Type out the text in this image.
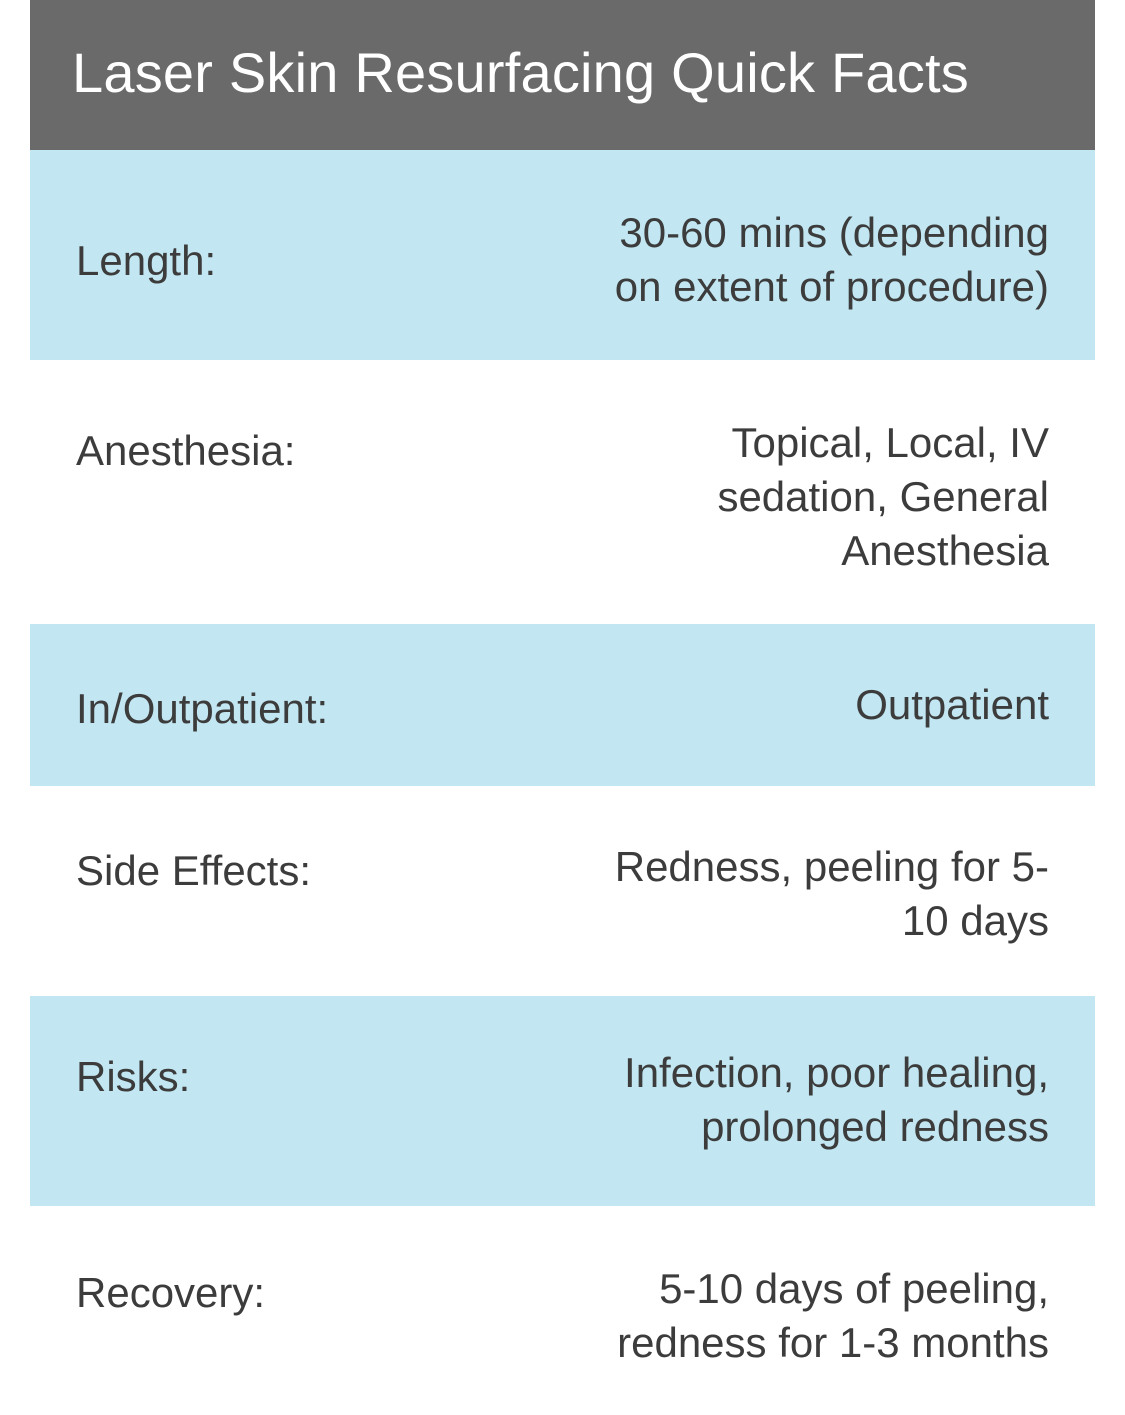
Laser Skin Resurfacing Quick Facts
Length:
30-60 mins (depending
on extent of procedure)
Anesthesia:	Topical, Local, IV
sedation, General
Anesthesia
In/Outpatient:	Outpatient
Side Effects:	Redness, peeling for 5-
10 days
Risks:	Infection, poor healing,
prolonged redness
Recovery:	5-10 days of peeling,
redness for 1-3 months
